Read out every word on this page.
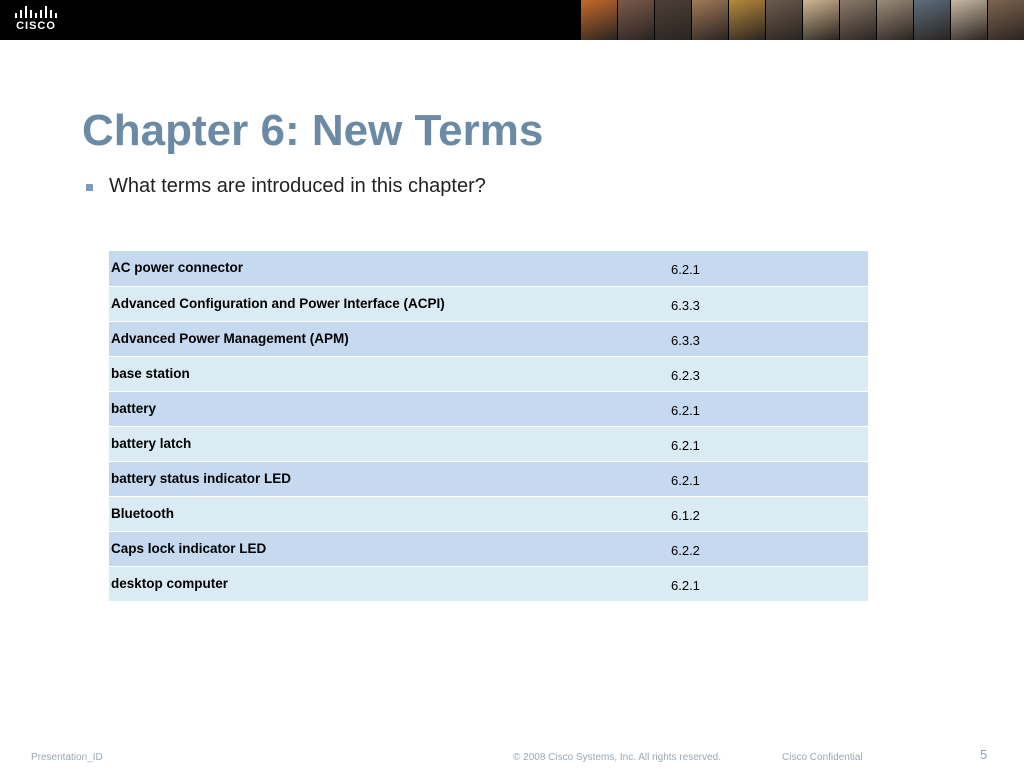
CISCO
Chapter 6: New Terms
What terms are introduced in this chapter?
AC power connector	6.2.1
Advanced Configuration and Power Interface (ACPI)	6.3.3
Advanced Power Management (APM)	6.3.3
base station	6.2.3
battery	6.2.1
battery latch	6.2.1
battery status indicator LED	6.2.1
Bluetooth	6.1.2
Caps lock indicator LED	6.2.2
desktop computer	6.2.1
Presentation_ID	© 2008 Cisco Systems, Inc. All rights reserved.	Cisco Confidential	5
